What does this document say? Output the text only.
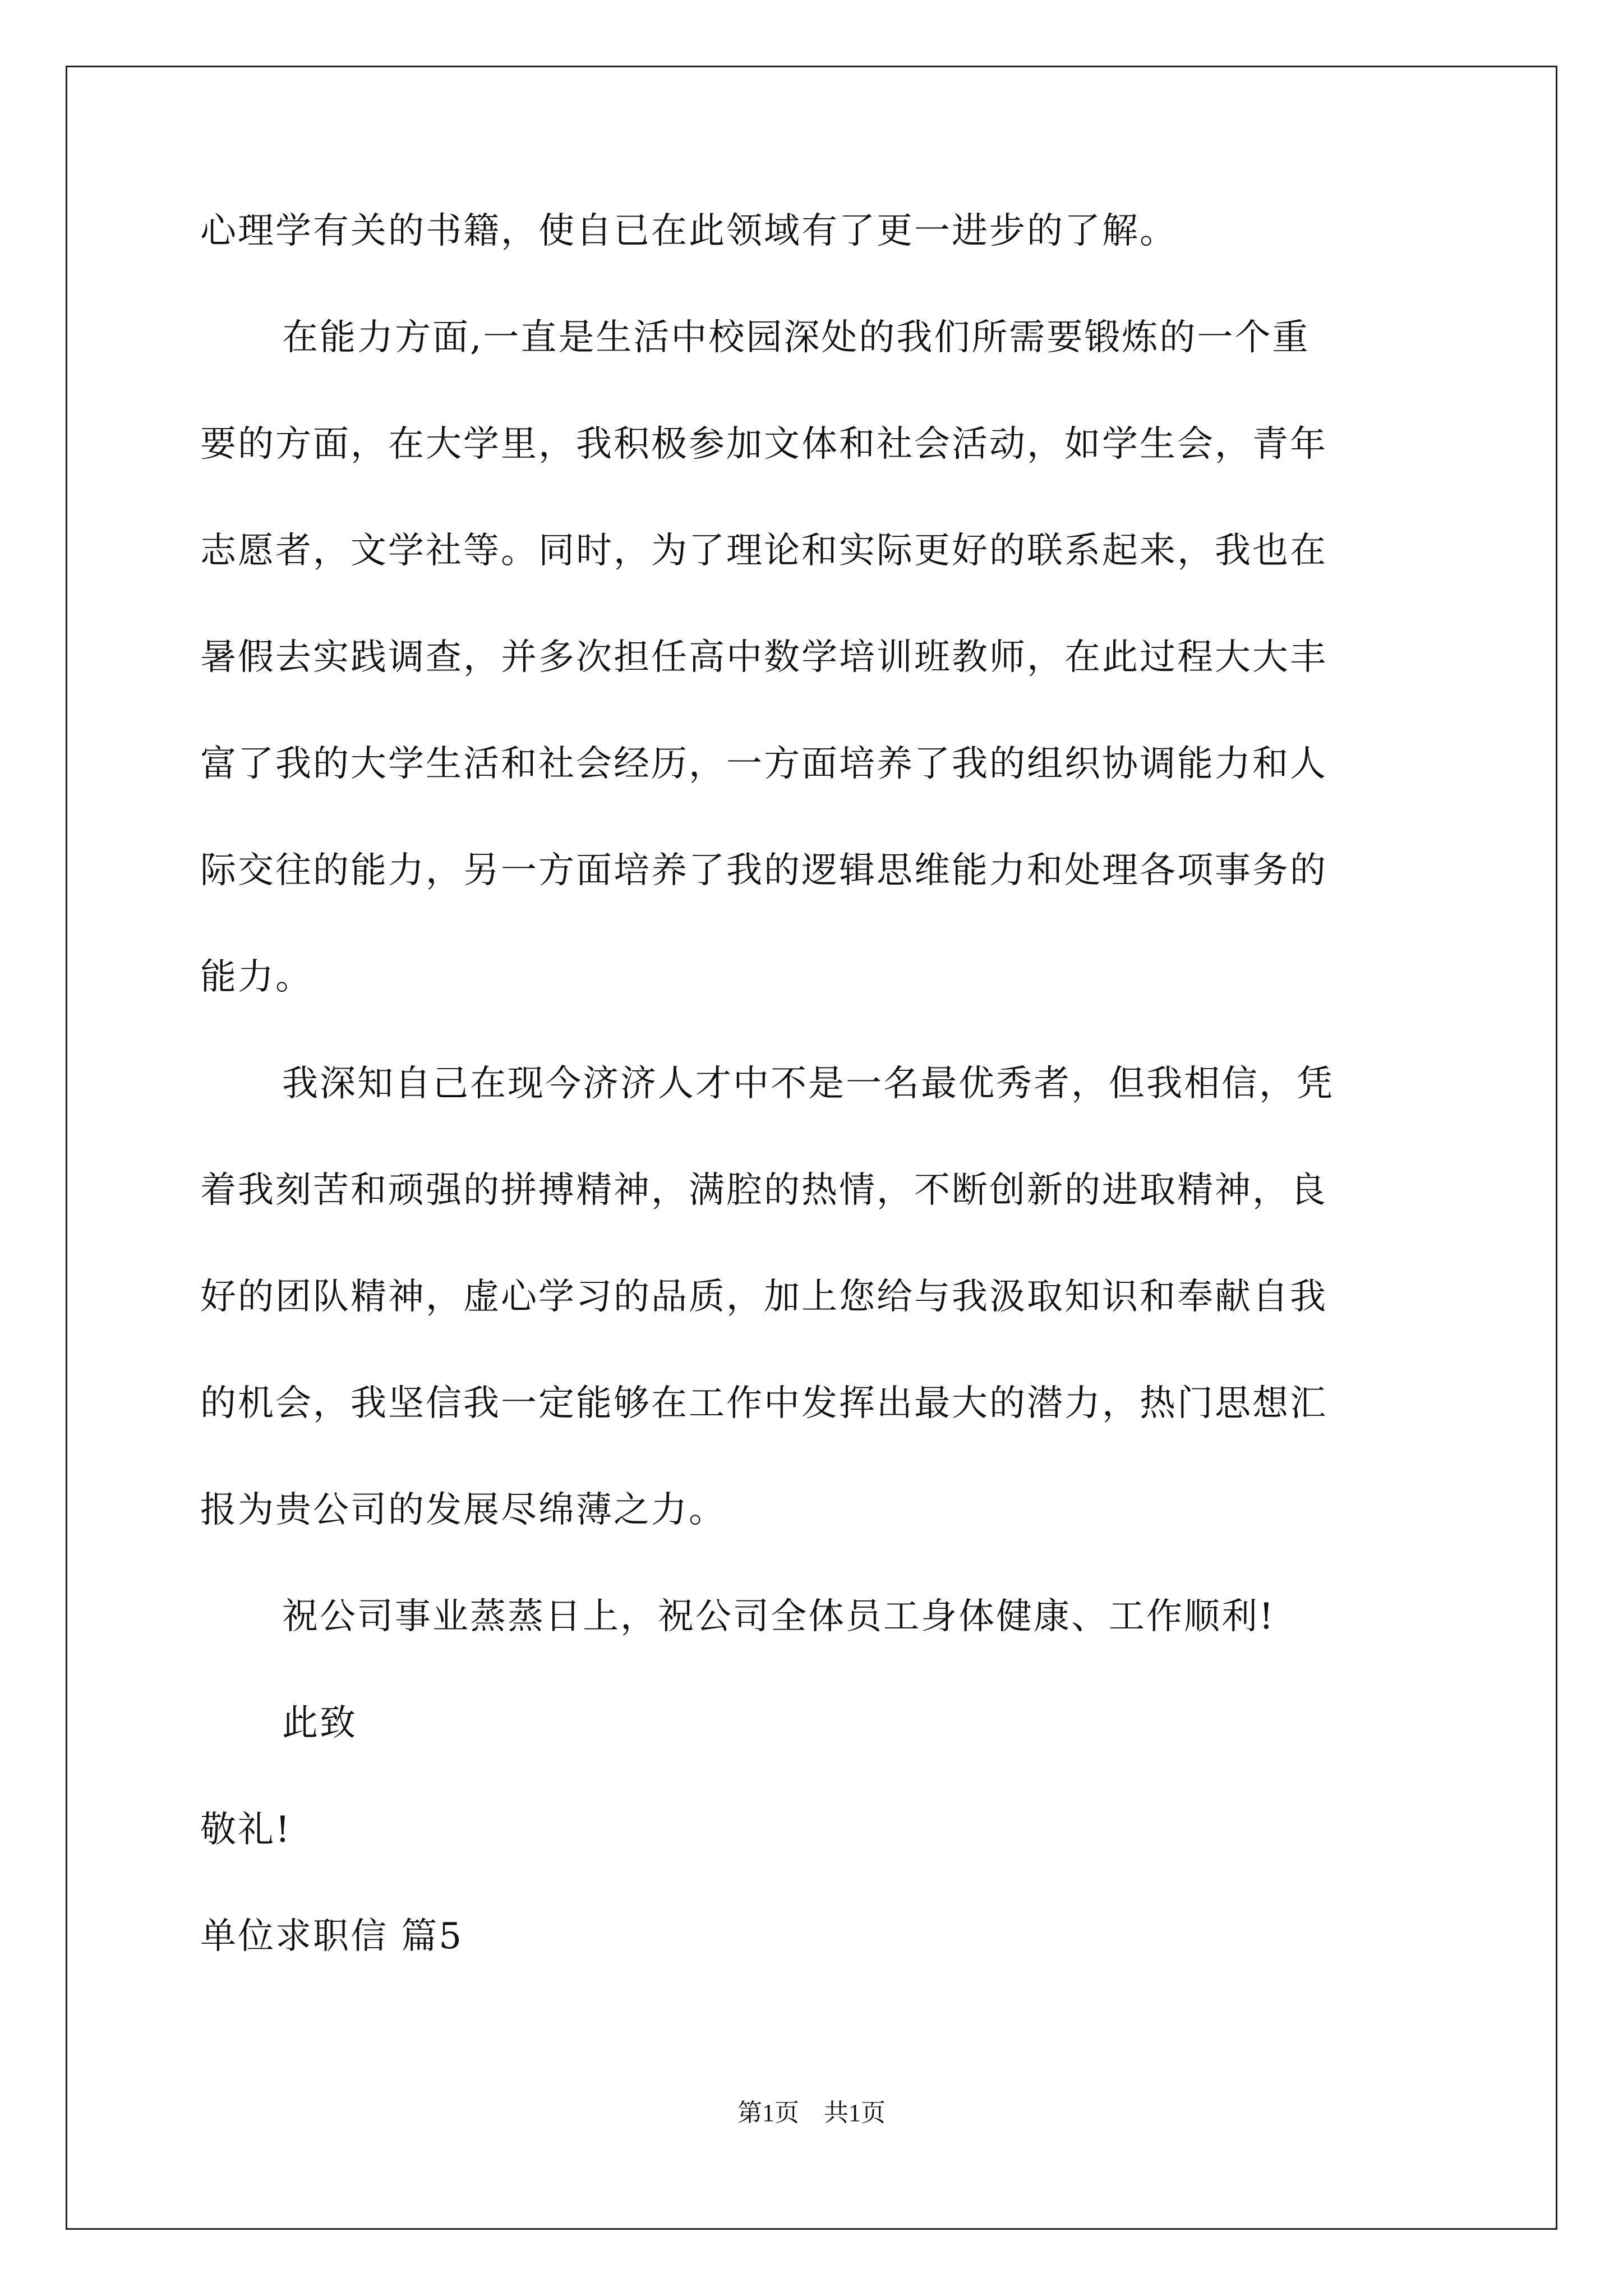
心理学有关的书籍，使自已在此领域有了更一进步的了解。
在能力方面,一直是生活中校园深处的我们所需要锻炼的一个重
要的方面，在大学里，我积极参加文体和社会活动，如学生会，青年
志愿者，文学社等。同时，为了理论和实际更好的联系起来，我也在
暑假去实践调查，并多次担任高中数学培训班教师，在此过程大大丰
富了我的大学生活和社会经历，一方面培养了我的组织协调能力和人
际交往的能力，另一方面培养了我的逻辑思维能力和处理各项事务的
能力。
我深知自己在现今济济人才中不是一名最优秀者，但我相信，凭
着我刻苦和顽强的拼搏精神，满腔的热情，不断创新的进取精神，良
好的团队精神，虚心学习的品质，加上您给与我汲取知识和奉献自我
的机会，我坚信我一定能够在工作中发挥出最大的潜力，热门思想汇
报为贵公司的发展尽绵薄之力。
祝公司事业蒸蒸日上，祝公司全体员工身体健康、工作顺利!
此致
敬礼!
单位求职信 篇5
第1页　共1页
